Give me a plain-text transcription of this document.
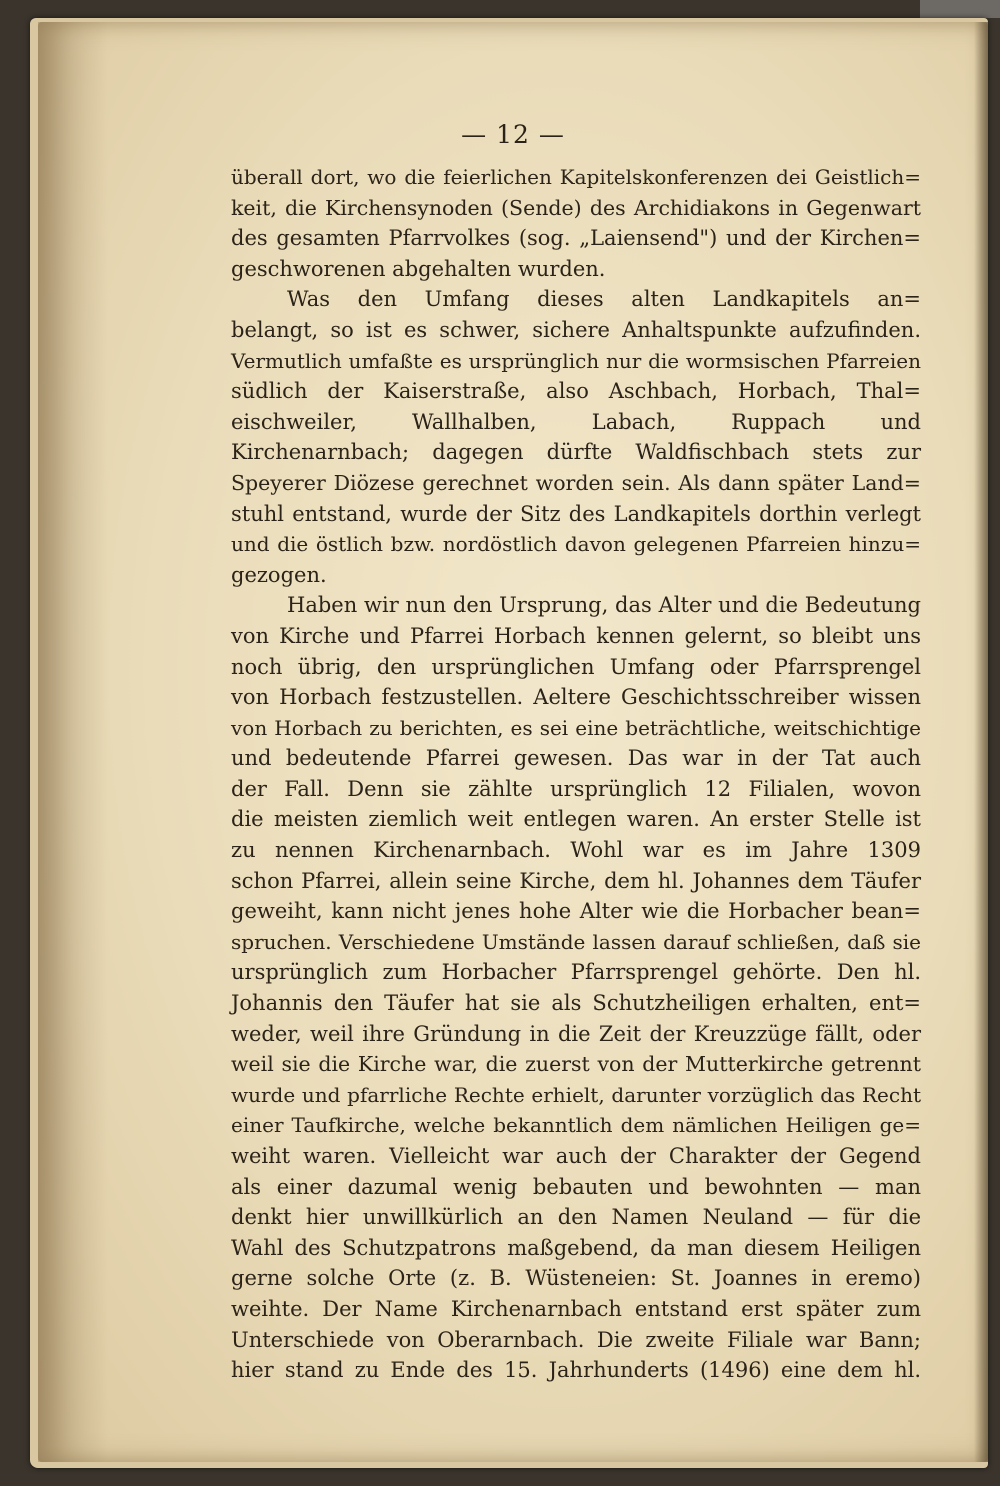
— 12 —
überall dort, wo die feierlichen Kapitelskonferenzen dei Geistlich=
keit, die Kirchensynoden (Sende) des Archidiakons in Gegenwart
des gesamten Pfarrvolkes (sog. „Laiensend") und der Kirchen=
geschworenen abgehalten wurden.
Was den Umfang dieses alten Landkapitels an=
belangt, so ist es schwer, sichere Anhaltspunkte aufzufinden.
Vermutlich umfaßte es ursprünglich nur die wormsischen Pfarreien
südlich der Kaiserstraße, also Aschbach, Horbach, Thal=
eischweiler, Wallhalben, Labach, Ruppach und
Kirchenarnbach; dagegen dürfte Waldfischbach stets zur
Speyerer Diözese gerechnet worden sein. Als dann später Land=
stuhl entstand, wurde der Sitz des Landkapitels dorthin verlegt
und die östlich bzw. nordöstlich davon gelegenen Pfarreien hinzu=
gezogen.
Haben wir nun den Ursprung, das Alter und die Bedeutung
von Kirche und Pfarrei Horbach kennen gelernt, so bleibt uns
noch übrig, den ursprünglichen Umfang oder Pfarrsprengel
von Horbach festzustellen. Aeltere Geschichtsschreiber wissen
von Horbach zu berichten, es sei eine beträchtliche, weitschichtige
und bedeutende Pfarrei gewesen. Das war in der Tat auch
der Fall. Denn sie zählte ursprünglich 12 Filialen, wovon
die meisten ziemlich weit entlegen waren. An erster Stelle ist
zu nennen Kirchenarnbach. Wohl war es im Jahre 1309
schon Pfarrei, allein seine Kirche, dem hl. Johannes dem Täufer
geweiht, kann nicht jenes hohe Alter wie die Horbacher bean=
spruchen. Verschiedene Umstände lassen darauf schließen, daß sie
ursprünglich zum Horbacher Pfarrsprengel gehörte. Den hl.
Johannis den Täufer hat sie als Schutzheiligen erhalten, ent=
weder, weil ihre Gründung in die Zeit der Kreuzzüge fällt, oder
weil sie die Kirche war, die zuerst von der Mutterkirche getrennt
wurde und pfarrliche Rechte erhielt, darunter vorzüglich das Recht
einer Taufkirche, welche bekanntlich dem nämlichen Heiligen ge=
weiht waren. Vielleicht war auch der Charakter der Gegend
als einer dazumal wenig bebauten und bewohnten — man
denkt hier unwillkürlich an den Namen Neuland — für die
Wahl des Schutzpatrons maßgebend, da man diesem Heiligen
gerne solche Orte (z. B. Wüsteneien: St. Joannes in eremo)
weihte. Der Name Kirchenarnbach entstand erst später zum
Unterschiede von Oberarnbach. Die zweite Filiale war Bann;
hier stand zu Ende des 15. Jahrhunderts (1496) eine dem hl.
